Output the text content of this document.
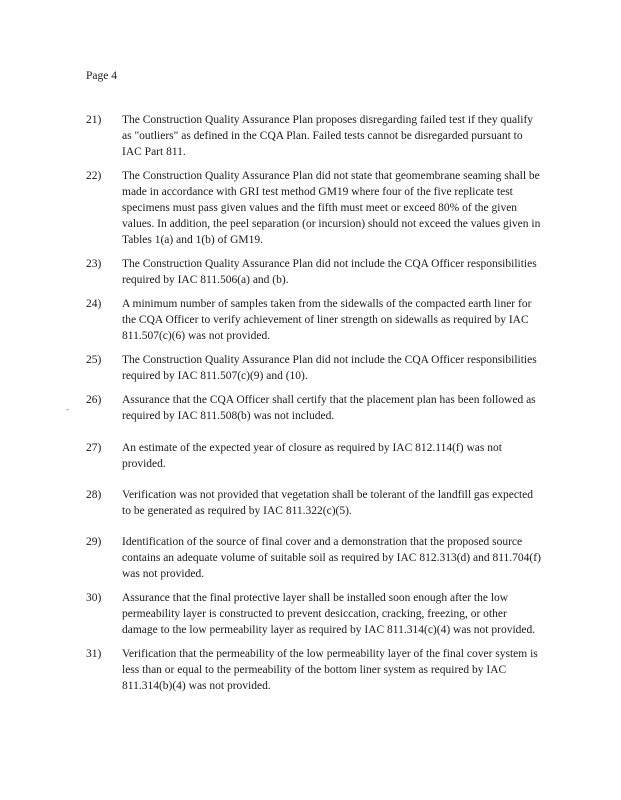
Page 4
-
21) The Construction Quality Assurance Plan proposes disregarding failed test if they qualify
as "outliers" as defined in the CQA Plan. Failed tests cannot be disregarded pursuant to
IAC Part 811.
22) The Construction Quality Assurance Plan did not state that geomembrane seaming shall be
made in accordance with GRI test method GM19 where four of the five replicate test
specimens must pass given values and the fifth must meet or exceed 80% of the given
values. In addition, the peel separation (or incursion) should not exceed the values given in
Tables 1(a) and 1(b) of GM19.
23) The Construction Quality Assurance Plan did not include the CQA Officer responsibilities
required by IAC 811.506(a) and (b).
24) A minimum number of samples taken from the sidewalls of the compacted earth liner for
the CQA Officer to verify achievement of liner strength on sidewalls as required by IAC
811.507(c)(6) was not provided.
25) The Construction Quality Assurance Plan did not include the CQA Officer responsibilities
required by IAC 811.507(c)(9) and (10).
26) Assurance that the CQA Officer shall certify that the placement plan has been followed as
required by IAC 811.508(b) was not included.
27) An estimate of the expected year of closure as required by IAC 812.114(f) was not
provided.
28) Verification was not provided that vegetation shall be tolerant of the landfill gas expected
to be generated as required by IAC 811.322(c)(5).
29) Identification of the source of final cover and a demonstration that the proposed source
contains an adequate volume of suitable soil as required by IAC 812.313(d) and 811.704(f)
was not provided.
30) Assurance that the final protective layer shall be installed soon enough after the low
permeability layer is constructed to prevent desiccation, cracking, freezing, or other
damage to the low permeability layer as required by IAC 811.314(c)(4) was not provided.
31) Verification that the permeability of the low permeability layer of the final cover system is
less than or equal to the permeability of the bottom liner system as required by IAC
811.314(b)(4) was not provided.
